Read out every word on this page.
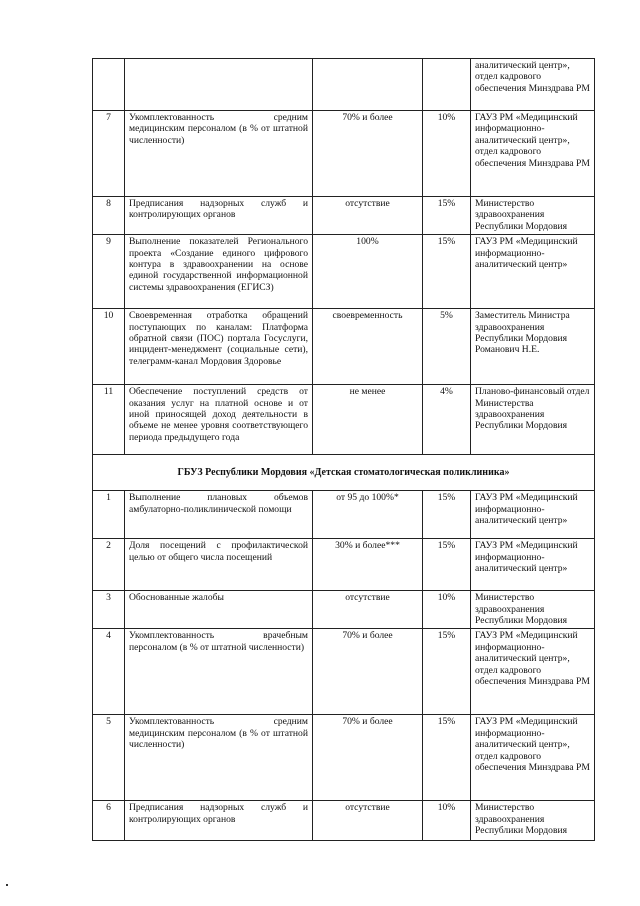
				аналитический центр», отдел кадрового обеспечения Минздрава РМ
7	Укомплектованность средним медицинским персоналом (в % от штатной численности)	70% и более	10%	ГАУЗ РМ «Медицинский информационно-аналитический центр», отдел кадрового обеспечения Минздрава РМ
8	Предписания надзорных служб и контролирующих органов	отсутствие	15%	Министерство здравоохранения Республики Мордовия
9	Выполнение показателей Регионального проекта «Создание единого цифрового контура в здравоохранении на основе единой государственной информационной системы здравоохранения (ЕГИСЗ)	100%	15%	ГАУЗ РМ «Медицинский информационно-аналитический центр»
10	Своевременная отработка обращений поступающих по каналам: Платформа обратной связи (ПОС) портала Госуслуги, инцидент-менеджмент (социальные сети), телеграмм-канал Мордовия Здоровье	своевременность	5%	Заместитель Министра здравоохранения Республики Мордовия Романович Н.Е.
11	Обеспечение поступлений средств от оказания услуг на платной основе и от иной приносящей доход деятельности в объеме не менее уровня соответствующего периода предыдущего года	не менее	4%	Планово-финансовый отдел Министерства здравоохранения Республики Мордовия
ГБУЗ Республики Мордовия «Детская стоматологическая поликлиника»				
1	Выполнение плановых объемов амбулаторно-поликлинической помощи	от 95 до 100%*	15%	ГАУЗ РМ «Медицинский информационно-аналитический центр»
2	Доля посещений с профилактической целью от общего числа посещений	30% и более***	15%	ГАУЗ РМ «Медицинский информационно-аналитический центр»
3	Обоснованные жалобы	отсутствие	10%	Министерство здравоохранения Республики Мордовия
4	Укомплектованность врачебным персоналом (в % от штатной численности)	70% и более	15%	ГАУЗ РМ «Медицинский информационно-аналитический центр», отдел кадрового обеспечения Минздрава РМ
5	Укомплектованность средним медицинским персоналом (в % от штатной численности)	70% и более	15%	ГАУЗ РМ «Медицинский информационно-аналитический центр», отдел кадрового обеспечения Минздрава РМ
6	Предписания надзорных служб и контролирующих органов	отсутствие	10%	Министерство здравоохранения Республики Мордовия
